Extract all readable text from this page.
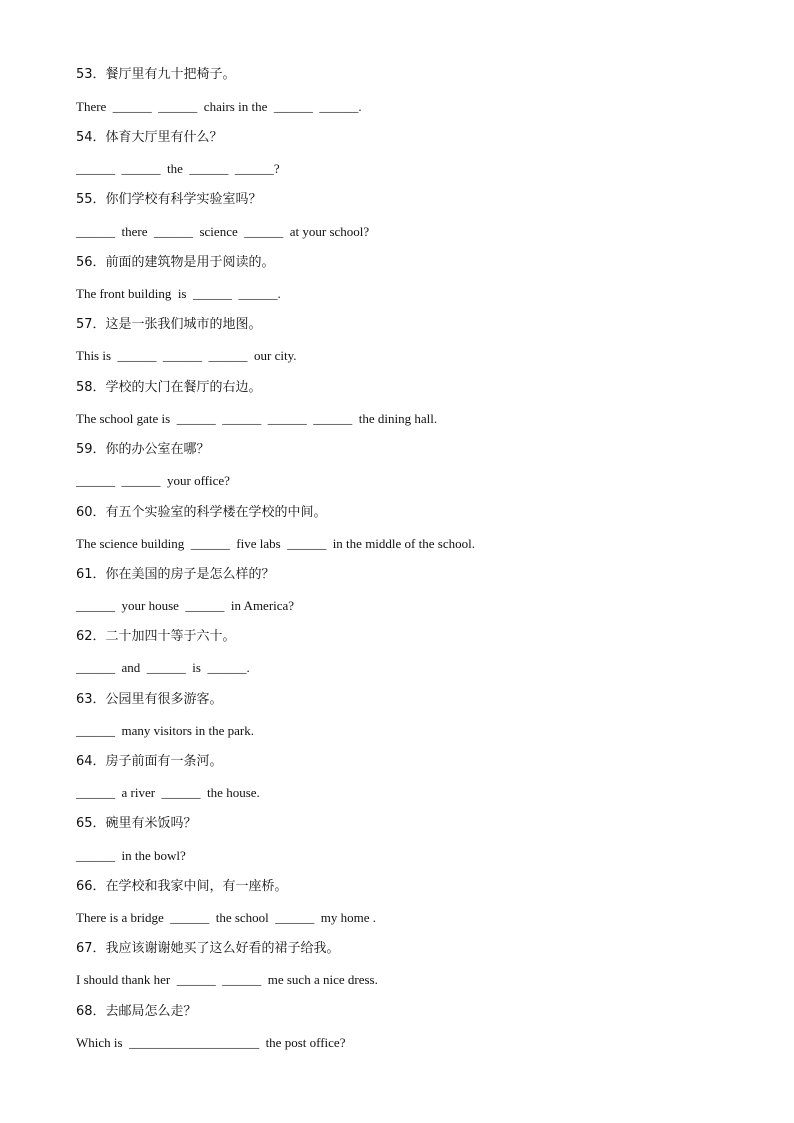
53．餐厅里有九十把椅子。

There  ______  ______  chairs in the  ______  ______.

54．体育大厅里有什么？

______  ______  the  ______  ______?

55．你们学校有科学实验室吗？

______  there  ______  science  ______  at your school?

56．前面的建筑物是用于阅读的。

The front building  is  ______  ______.

57．这是一张我们城市的地图。

This is  ______  ______  ______  our city.

58．学校的大门在餐厅的右边。

The school gate is  ______  ______  ______  ______  the dining hall.

59．你的办公室在哪？

______  ______  your office?

60．有五个实验室的科学楼在学校的中间。

The science building  ______  five labs  ______  in the middle of the school.

61．你在美国的房子是怎么样的？

______  your house  ______  in America?

62．二十加四十等于六十。

______  and  ______  is  ______.

63．公园里有很多游客。

______  many visitors in the park.

64．房子前面有一条河。

______  a river  ______  the house.

65．碗里有米饭吗？

______  in the bowl?

66．在学校和我家中间，有一座桥。

There is a bridge  ______  the school  ______  my home .

67．我应该谢谢她买了这么好看的裙子给我。

I should thank her  ______  ______  me such a nice dress.

68．去邮局怎么走？

Which is  ____________________  the post office?
